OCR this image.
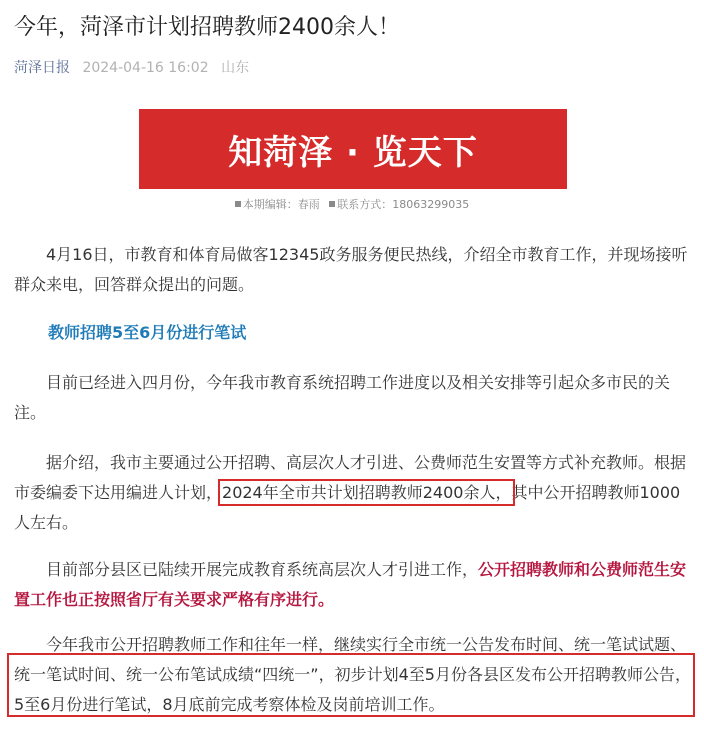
今年，菏泽市计划招聘教师2400余人！
菏泽日报 2024-04-16 16:02 山东
知菏泽 · 览天下
本期编辑：春雨 联系方式：18063299035
4月16日，市教育和体育局做客12345政务服务便民热线，介绍全市教育工作，并现场接听群众来电，回答群众提出的问题。
教师招聘5至6月份进行笔试
目前已经进入四月份，今年我市教育系统招聘工作进度以及相关安排等引起众多市民的关注。
据介绍，我市主要通过公开招聘、高层次人才引进、公费师范生安置等方式补充教师。根据市委编委下达用编进人计划，2024年全市共计划招聘教师2400余人，其中公开招聘教师1000人左右。
目前部分县区已陆续开展完成教育系统高层次人才引进工作，公开招聘教师和公费师范生安置工作也正按照省厅有关要求严格有序进行。
今年我市公开招聘教师工作和往年一样，继续实行全市统一公告发布时间、统一笔试试题、统一笔试时间、统一公布笔试成绩“四统一”，初步计划4至5月份各县区发布公开招聘教师公告，5至6月份进行笔试，8月底前完成考察体检及岗前培训工作。
